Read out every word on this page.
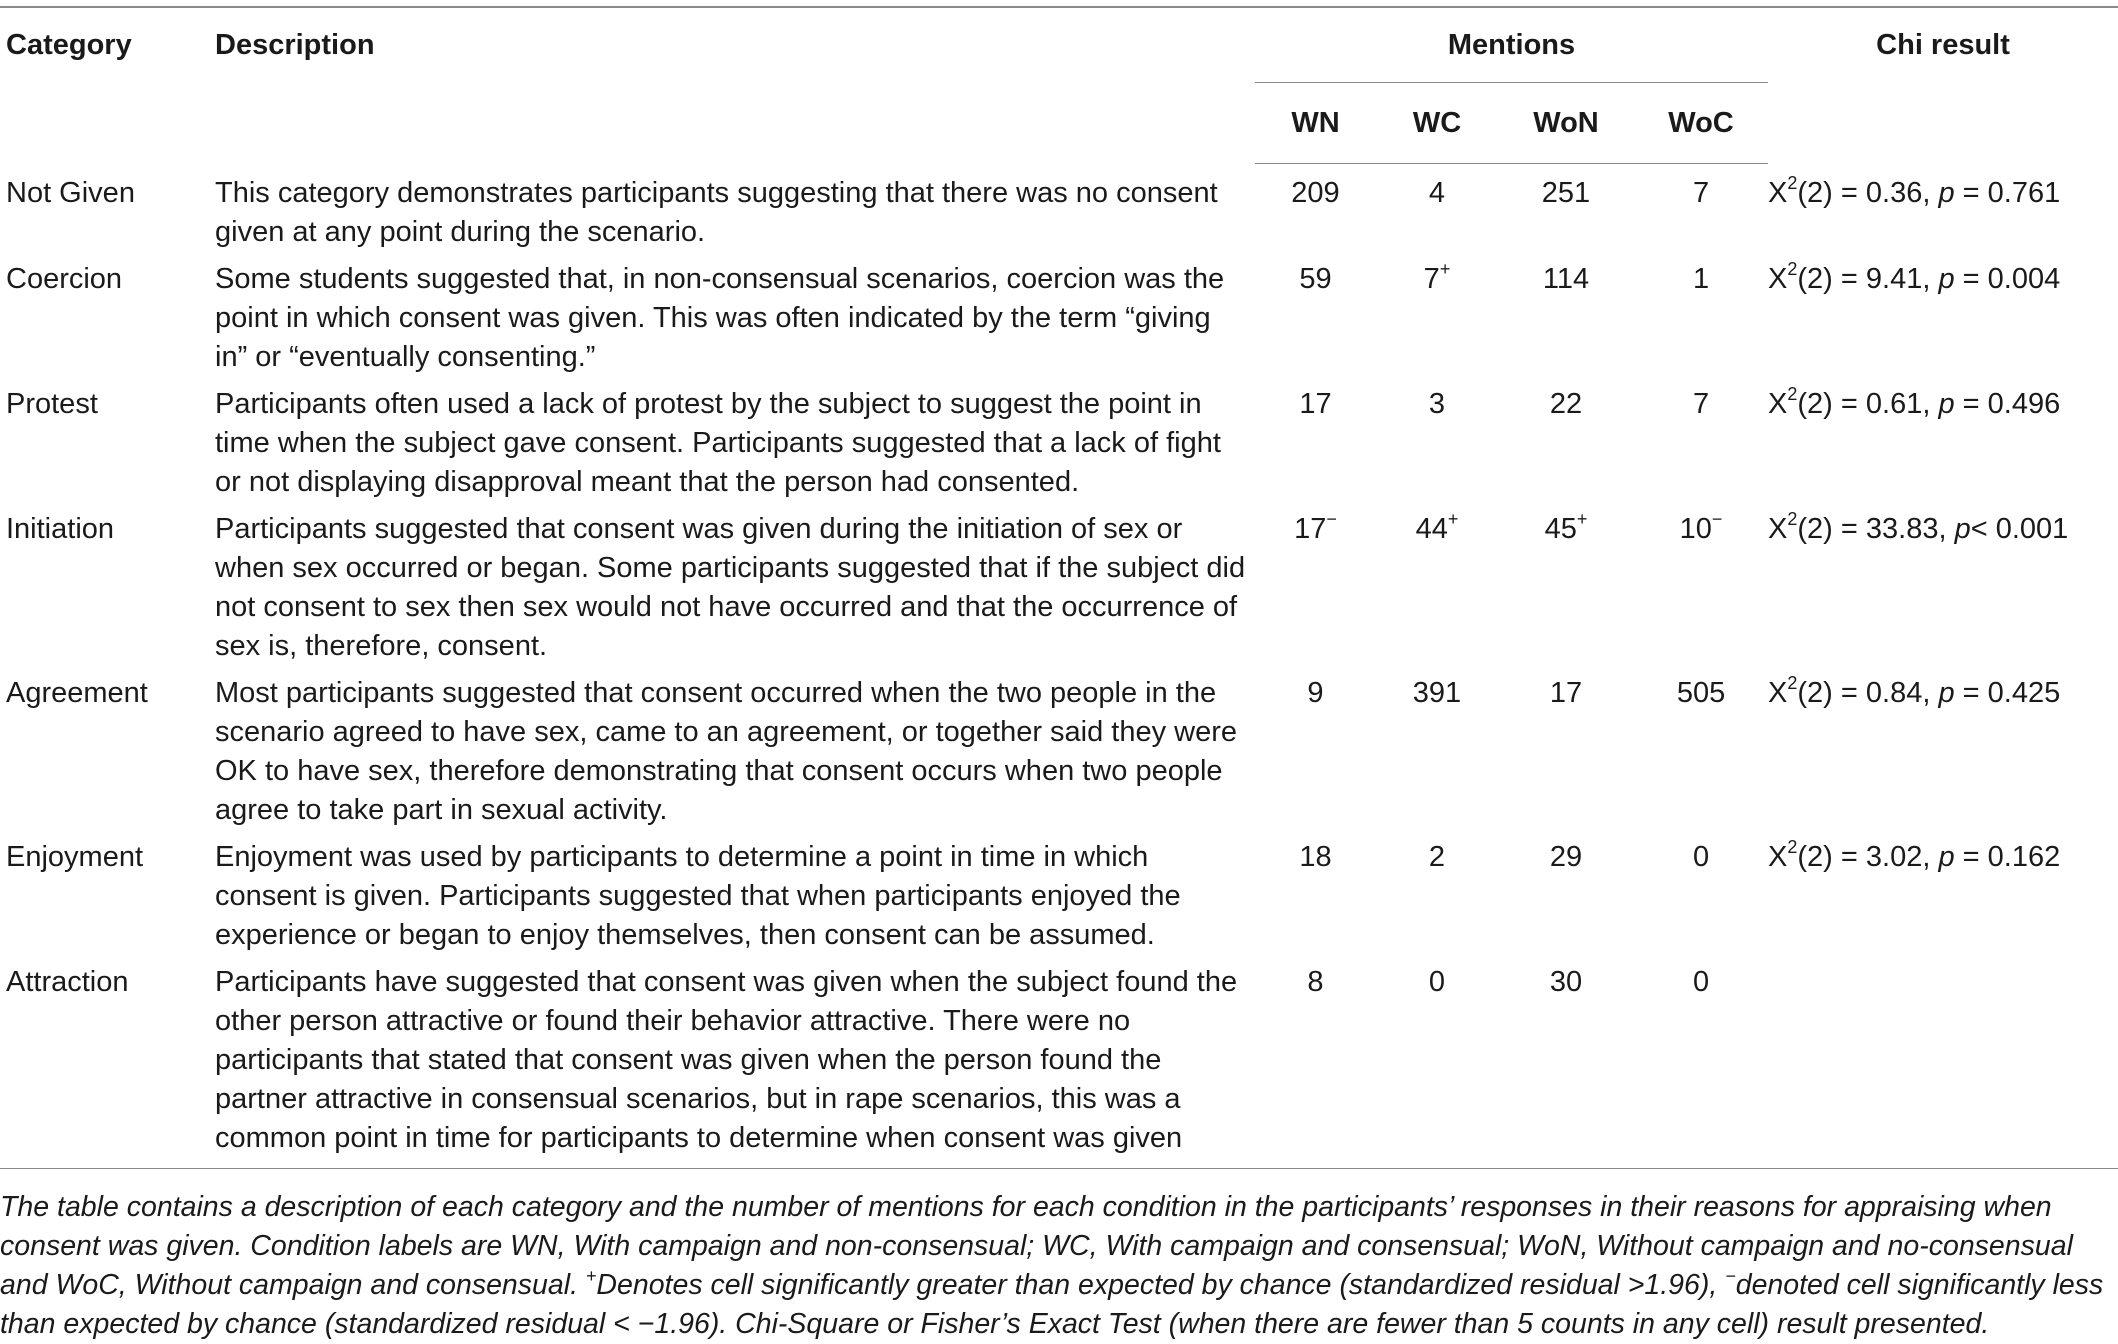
Category	Description	Mentions				Chi result
		WN	WC	WoN	WoC	
Not Given	This category demonstrates participants suggesting that there was no consent given at any point during the scenario.	209	4	251	7	$X^2(2) = 0.36$, p = 0.761
Coercion	Some students suggested that, in non-consensual scenarios, coercion was the point in which consent was given. This was often indicated by the term “giving in” or “eventually consenting.”	59	7+	114	1	$X^2(2) = 9.41$, p = 0.004
Protest	Participants often used a lack of protest by the subject to suggest the point in time when the subject gave consent. Participants suggested that a lack of fight or not displaying disapproval meant that the person had consented.	17	3	22	7	$X^2(2) = 0.61$, p = 0.496
Initiation	Participants suggested that consent was given during the initiation of sex or when sex occurred or began. Some participants suggested that if the subject did not consent to sex then sex would not have occurred and that the occurrence of sex is, therefore, consent.	17−	44+	45+	10−	$X^2(2) = 33.83$, p< 0.001
Agreement	Most participants suggested that consent occurred when the two people in the scenario agreed to have sex, came to an agreement, or together said they were OK to have sex, therefore demonstrating that consent occurs when two people agree to take part in sexual activity.	9	391	17	505	$X^2(2) = 0.84$, p = 0.425
Enjoyment	Enjoyment was used by participants to determine a point in time in which consent is given. Participants suggested that when participants enjoyed the experience or began to enjoy themselves, then consent can be assumed.	18	2	29	0	$X^2(2) = 3.02$, p = 0.162
Attraction	Participants have suggested that consent was given when the subject found the other person attractive or found their behavior attractive. There were no participants that stated that consent was given when the person found the partner attractive in consensual scenarios, but in rape scenarios, this was a common point in time for participants to determine when consent was given	8	0	30	0	

The table contains a description of each category and the number of mentions for each condition in the participants’ responses in their reasons for appraising when consent was given. Condition labels are WN, With campaign and non-consensual; WC, With campaign and consensual; WoN, Without campaign and no-consensual and WoC, Without campaign and consensual. +Denotes cell significantly greater than expected by chance (standardized residual >1.96), −denoted cell significantly less than expected by chance (standardized residual < −1.96). Chi-Square or Fisher’s Exact Test (when there are fewer than 5 counts in any cell) result presented.
